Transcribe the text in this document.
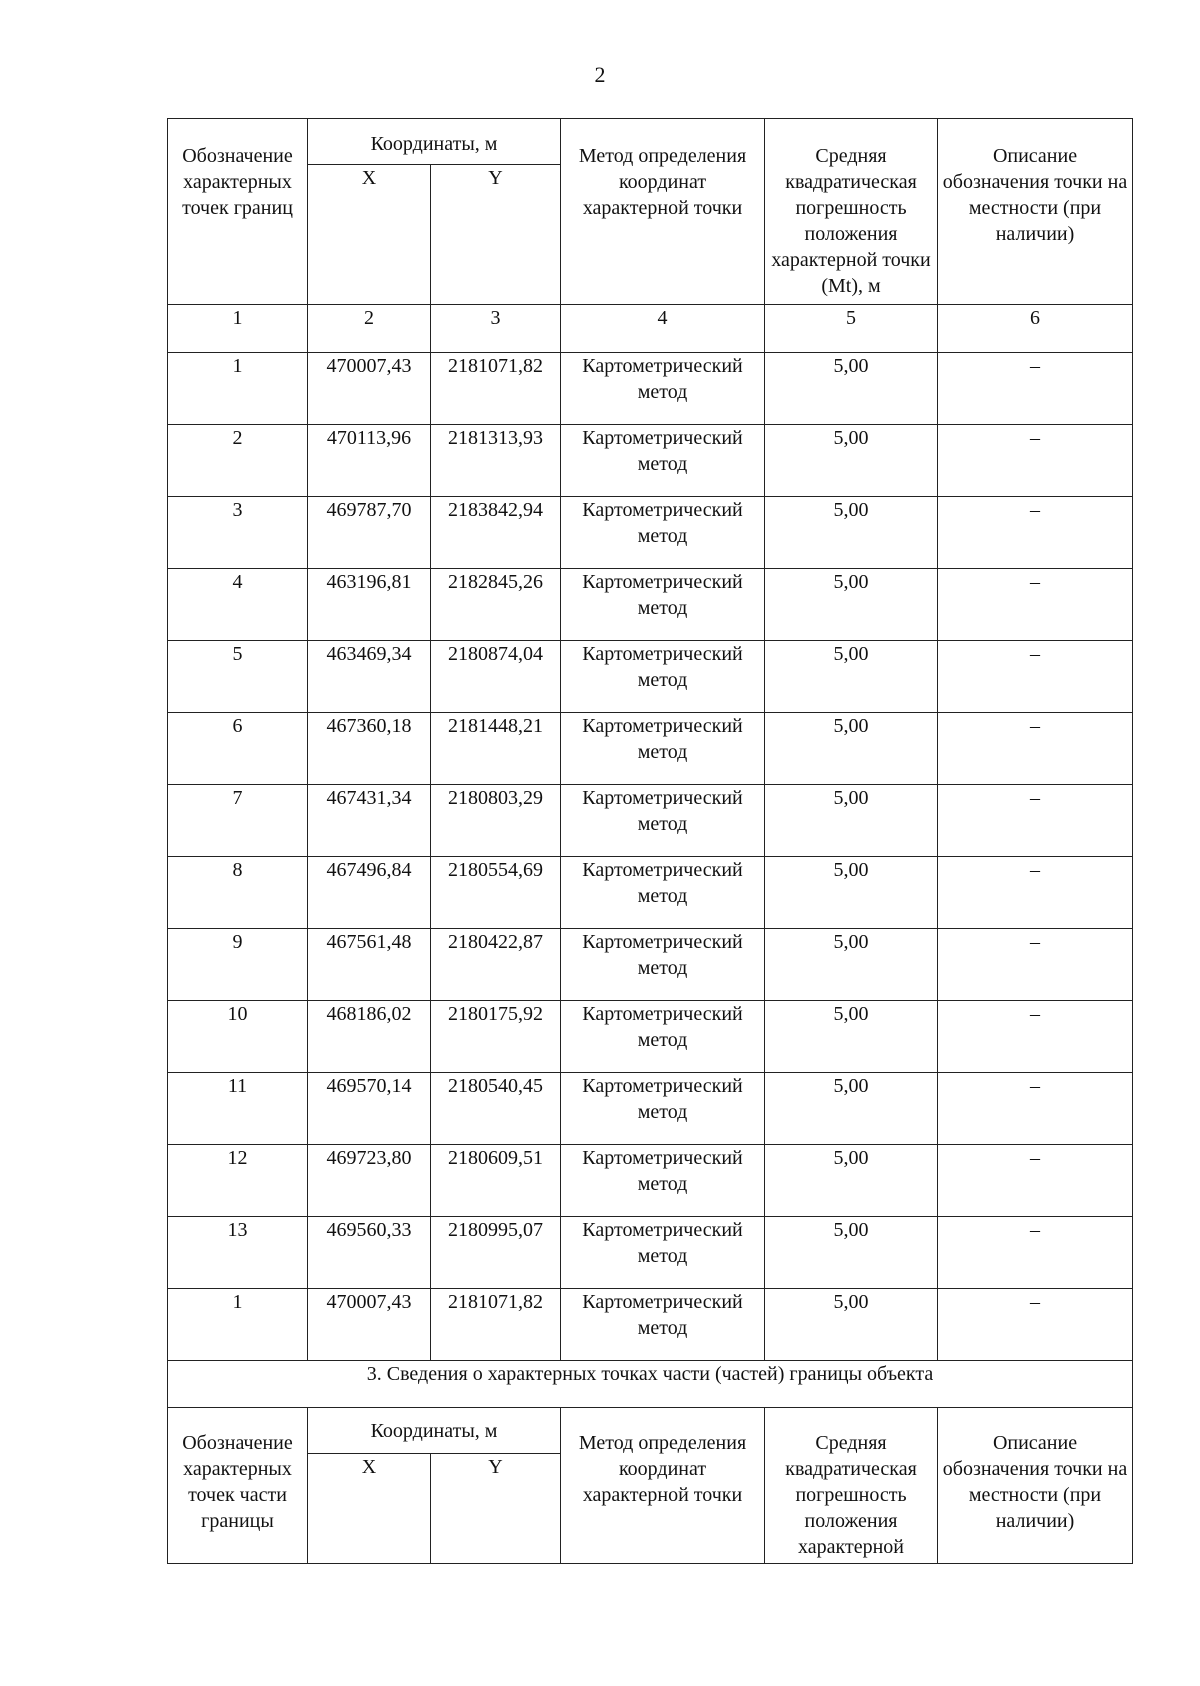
2
Обозначение характерных точек границ	Координаты, м		Метод определения координат характерной точки	Средняя квадратическая погрешность положения характерной точки (Mt), м	Описание обозначения точки на местности (при наличии)
	X	Y			
1	2	3	4	5	6
1	470007,43	2181071,82	Картометрический метод	5,00	–
2	470113,96	2181313,93	Картометрический метод	5,00	–
3	469787,70	2183842,94	Картометрический метод	5,00	–
4	463196,81	2182845,26	Картометрический метод	5,00	–
5	463469,34	2180874,04	Картометрический метод	5,00	–
6	467360,18	2181448,21	Картометрический метод	5,00	–
7	467431,34	2180803,29	Картометрический метод	5,00	–
8	467496,84	2180554,69	Картометрический метод	5,00	–
9	467561,48	2180422,87	Картометрический метод	5,00	–
10	468186,02	2180175,92	Картометрический метод	5,00	–
11	469570,14	2180540,45	Картометрический метод	5,00	–
12	469723,80	2180609,51	Картометрический метод	5,00	–
13	469560,33	2180995,07	Картометрический метод	5,00	–
1	470007,43	2181071,82	Картометрический метод	5,00	–
3. Сведения о характерных точках части (частей) границы объекта					
Обозначение характерных точек части границы	Координаты, м		Метод определения координат характерной точки	Средняя квадратическая погрешность положения характерной	Описание обозначения точки на местности (при наличии)
	X	Y			
